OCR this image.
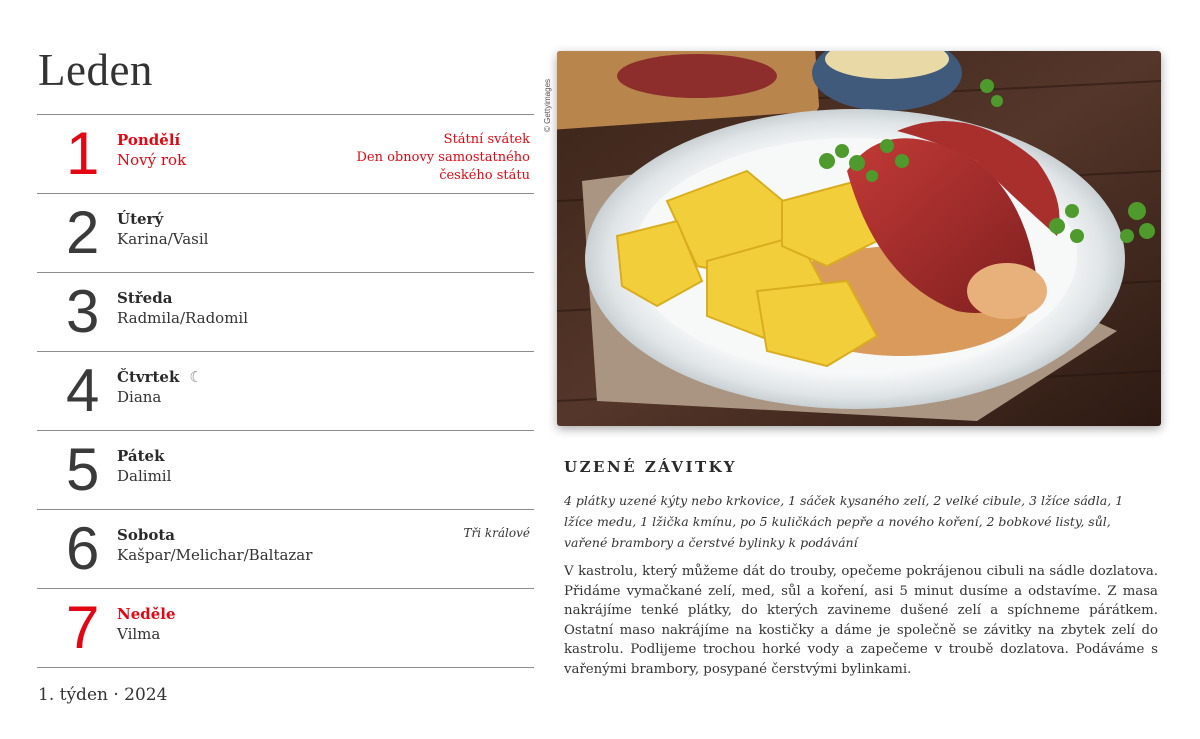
Leden
1 Pondělí
Nový rok
Státní svátek
Den obnovy samostatného
českého státu
2 Úterý
Karina/Vasil
3 Středa
Radmila/Radomil
4 Čtvrtek ☾
Diana
5 Pátek
Dalimil
6 Sobota
Kašpar/Melichar/Baltazar
Tři králové
7 Neděle
Vilma
1. týden · 2024
© Gettyimages
UZENÉ ZÁVITKY
4 plátky uzené kýty nebo krkovice, 1 sáček kysaného zelí, 2 velké cibule, 3 lžíce sádla, 1 lžíce medu, 1 lžička kmínu, po 5 kuličkách pepře a nového koření, 2 bobkové listy, sůl, vařené brambory a čerstvé bylinky k podávání
V kastrolu, který můžeme dát do trouby, opečeme pokrájenou cibuli na sádle dozlatova. Přidáme vymačkané zelí, med, sůl a koření, asi 5 minut dusíme a odstavíme. Z masa nakrájíme tenké plátky, do kterých zavineme dušené zelí a spíchneme párátkem. Ostatní maso nakrájíme na kostičky a dáme je společně se závitky na zbytek zelí do kastrolu. Podlijeme trochou horké vody a zapečeme v troubě dozlatova. Podáváme s vařenými brambory, posypané čerstvými bylinkami.
